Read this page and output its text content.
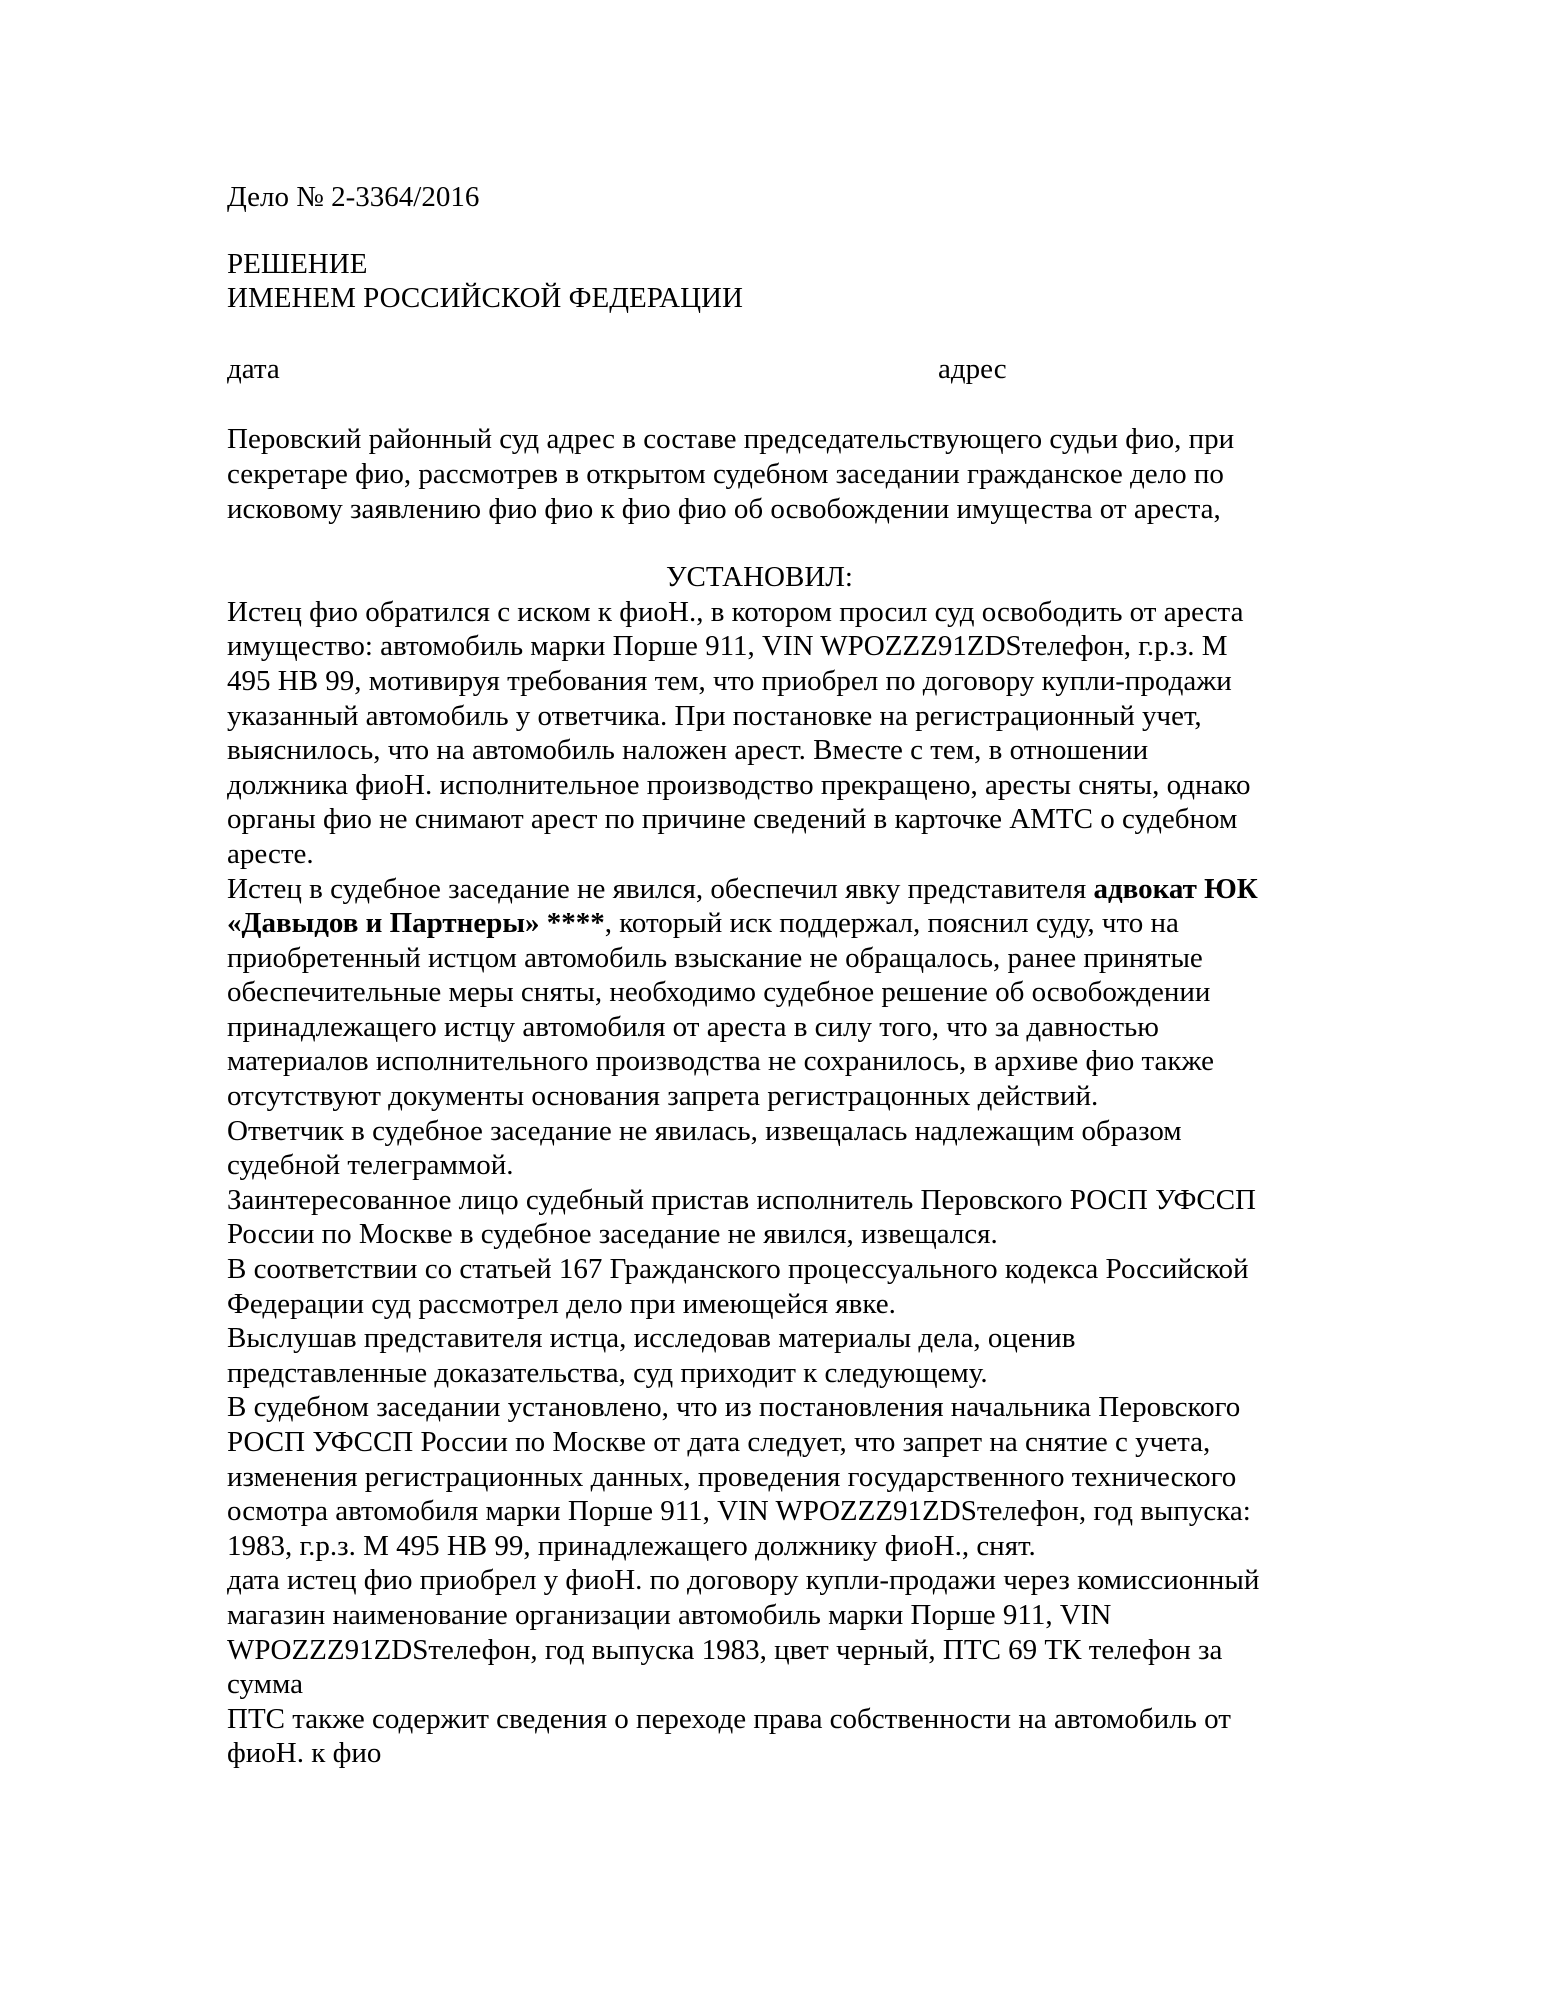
Дело № 2-3364/2016
РЕШЕНИЕ
ИМЕНЕМ РОССИЙСКОЙ ФЕДЕРАЦИИ
дата	адрес
Перовский районный суд адрес в составе председательствующего судьи фио, при
секретаре фио, рассмотрев в открытом судебном заседании гражданское дело по
исковому заявлению фио фио к фио фио об освобождении имущества от ареста,
УСТАНОВИЛ:
Истец фио обратился с иском к фиоН., в котором просил суд освободить от ареста
имущество: автомобиль марки Порше 911, VIN WPOZZZ91ZDSтелефон, г.р.з. М
495 НВ 99, мотивируя требования тем, что приобрел по договору купли-продажи
указанный автомобиль у ответчика. При постановке на регистрационный учет,
выяснилось, что на автомобиль наложен арест. Вместе с тем, в отношении
должника фиоН. исполнительное производство прекращено, аресты сняты, однако
органы фио не снимают арест по причине сведений в карточке АМТС о судебном
аресте.
Истец в судебное заседание не явился, обеспечил явку представителя адвокат ЮК
«Давыдов и Партнеры» ****, который иск поддержал, пояснил суду, что на
приобретенный истцом автомобиль взыскание не обращалось, ранее принятые
обеспечительные меры сняты, необходимо судебное решение об освобождении
принадлежащего истцу автомобиля от ареста в силу того, что за давностью
материалов исполнительного производства не сохранилось, в архиве фио также
отсутствуют документы основания запрета регистрацонных действий.
Ответчик в судебное заседание не явилась, извещалась надлежащим образом
судебной телеграммой.
Заинтересованное лицо судебный пристав исполнитель Перовского РОСП УФССП
России по Москве в судебное заседание не явился, извещался.
В соответствии со статьей 167 Гражданского процессуального кодекса Российской
Федерации суд рассмотрел дело при имеющейся явке.
Выслушав представителя истца, исследовав материалы дела, оценив
представленные доказательства, суд приходит к следующему.
В судебном заседании установлено, что из постановления начальника Перовского
РОСП УФССП России по Москве от дата следует, что запрет на снятие с учета,
изменения регистрационных данных, проведения государственного технического
осмотра автомобиля марки Порше 911, VIN WPOZZZ91ZDSтелефон, год выпуска:
1983, г.р.з. М 495 НВ 99, принадлежащего должнику фиоН., снят.
дата истец фио приобрел у фиоН. по договору купли-продажи через комиссионный
магазин наименование организации автомобиль марки Порше 911, VIN
WPOZZZ91ZDSтелефон, год выпуска 1983, цвет черный, ПТС 69 ТК телефон за
сумма
ПТС также содержит сведения о переходе права собственности на автомобиль от
фиоН. к фио
